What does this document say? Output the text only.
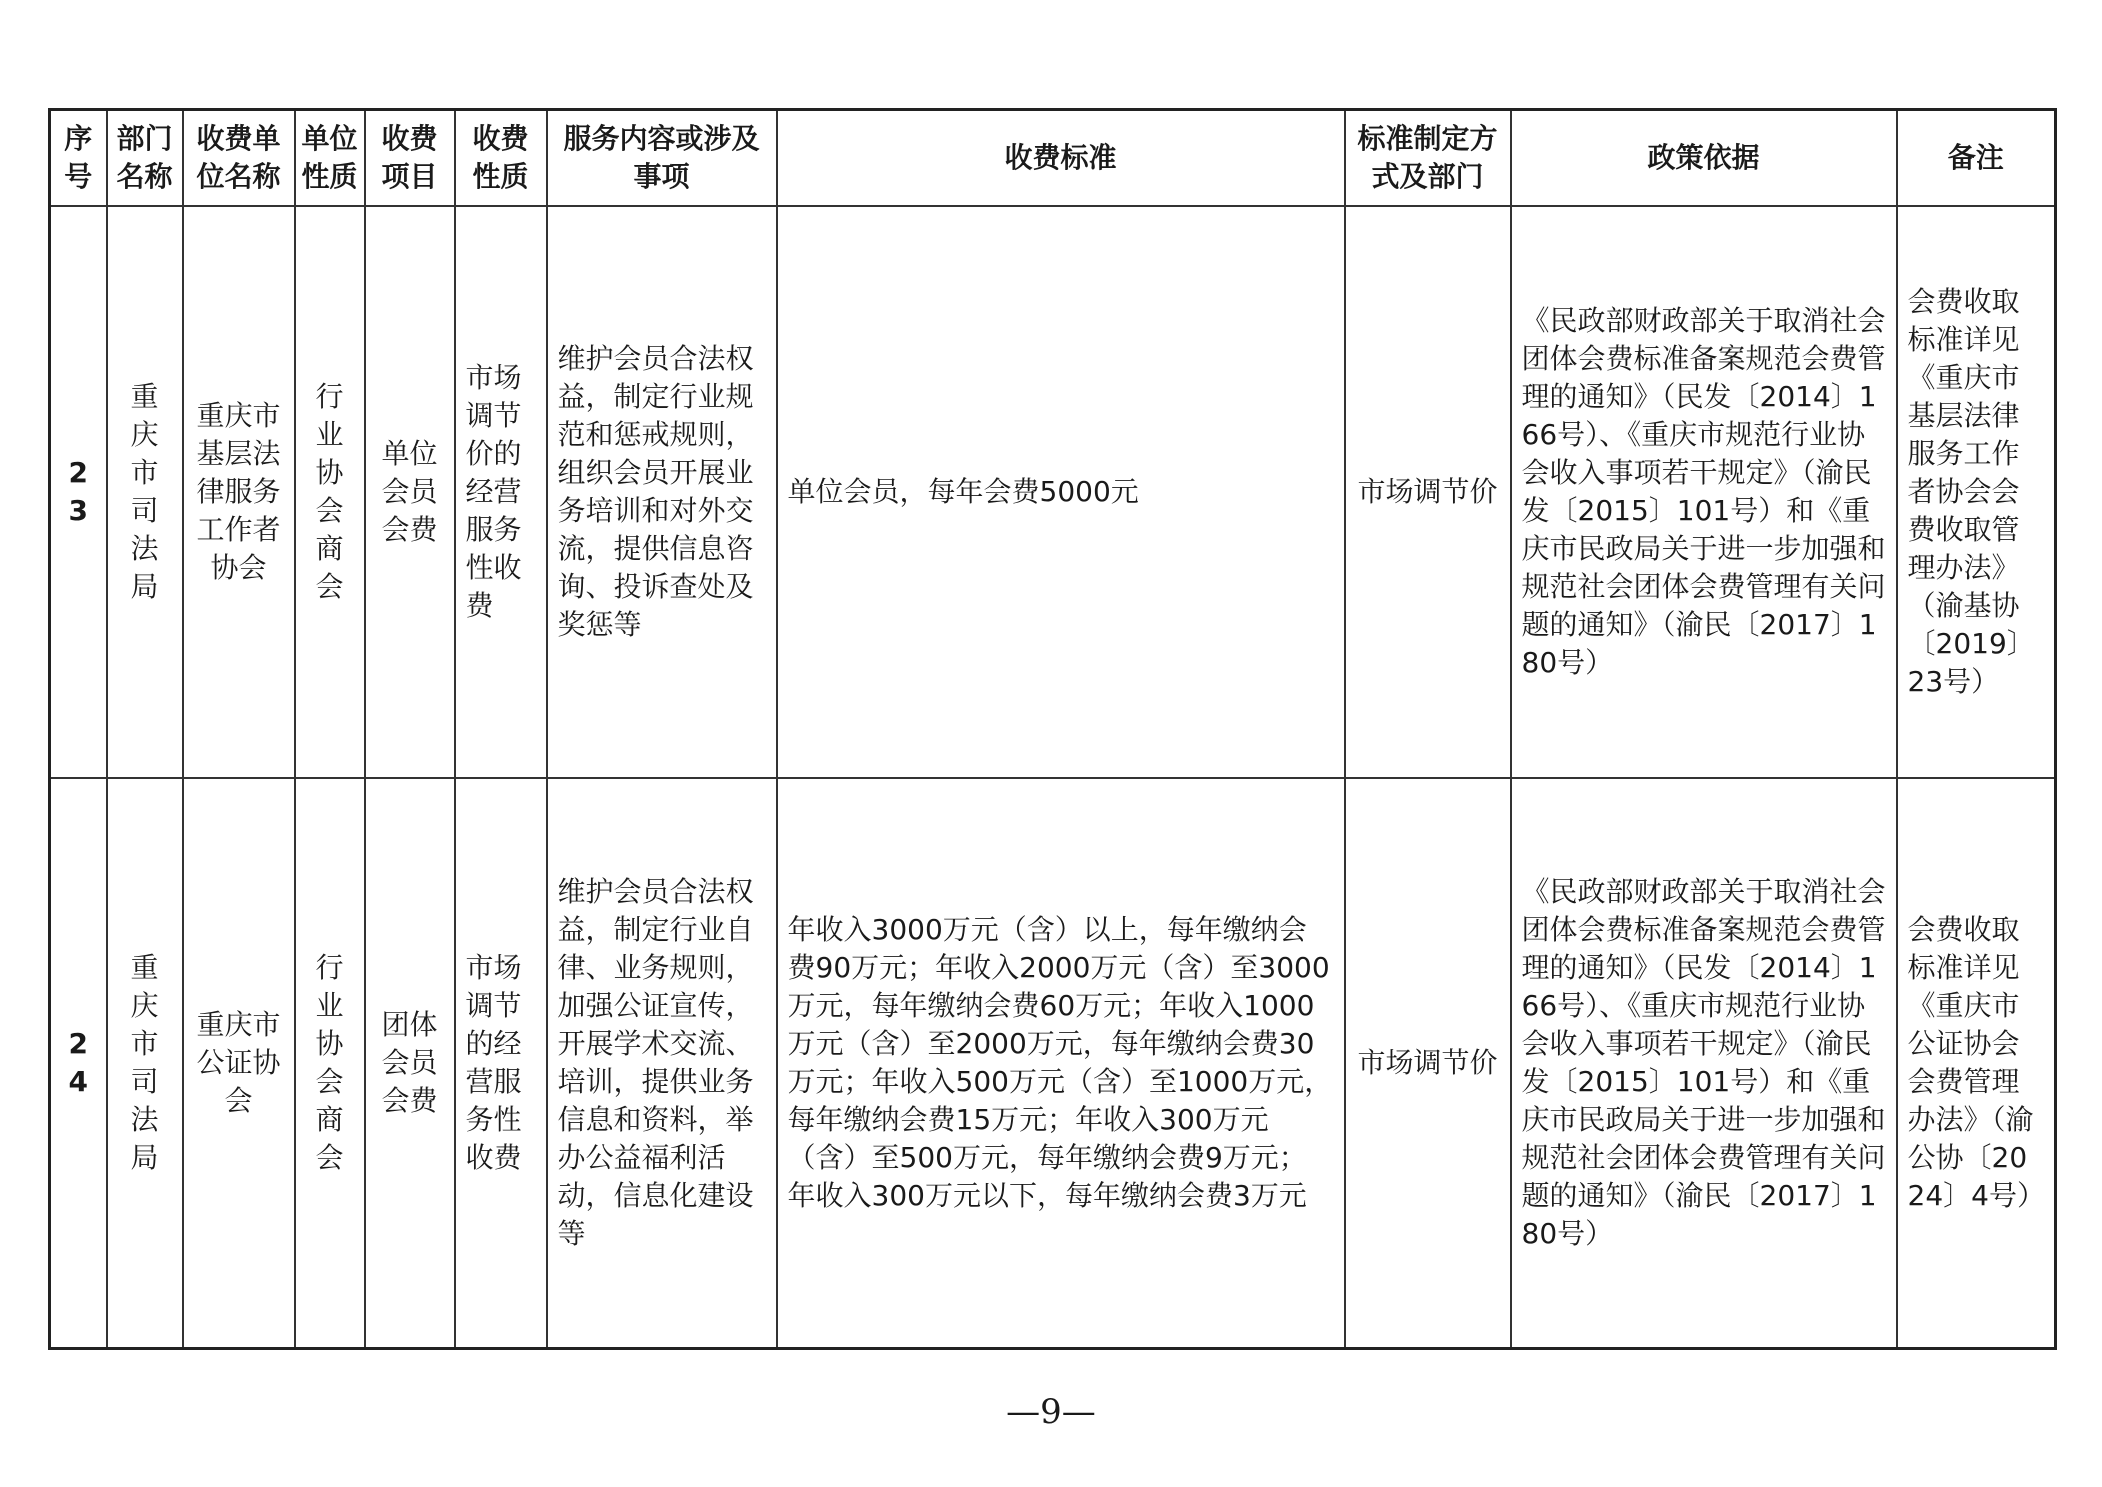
序号	部门名称	收费单位名称	单位性质	收费项目	收费性质	服务内容或涉及事项	收费标准	标准制定方式及部门	政策依据	备注
23	重庆市司法局	重庆市基层法律服务工作者协会	行业协会商会	单位会员会费	市场调节价的经营服务性收费	维护会员合法权益，制定行业规范和惩戒规则，组织会员开展业务培训和对外交流，提供信息咨询、投诉查处及奖惩等	单位会员，每年会费5000元	市场调节价	《民政部财政部关于取消社会团体会费标准备案规范会费管理的通知》（民发〔2014〕166号）、《重庆市规范行业协会收入事项若干规定》（渝民发〔2015〕101号）和《重庆市民政局关于进一步加强和规范社会团体会费管理有关问题的通知》（渝民〔2017〕180号）	会费收取标准详见《重庆市基层法律服务工作者协会会费收取管理办法》（渝基协〔2019〕23号）
24	重庆市司法局	重庆市公证协会	行业协会商会	团体会员会费	市场调节的经营服务性收费	维护会员合法权益，制定行业自律、业务规则，加强公证宣传，开展学术交流、培训，提供业务信息和资料，举办公益福利活动，信息化建设等	年收入3000万元（含）以上，每年缴纳会费90万元；年收入2000万元（含）至3000万元，每年缴纳会费60万元；年收入1000万元（含）至2000万元，每年缴纳会费30万元；年收入500万元（含）至1000万元，每年缴纳会费15万元；年收入300万元（含）至500万元，每年缴纳会费9万元；年收入300万元以下，每年缴纳会费3万元	市场调节价	《民政部财政部关于取消社会团体会费标准备案规范会费管理的通知》（民发〔2014〕166号）、《重庆市规范行业协会收入事项若干规定》（渝民发〔2015〕101号）和《重庆市民政局关于进一步加强和规范社会团体会费管理有关问题的通知》（渝民〔2017〕180号）	会费收取标准详见《重庆市公证协会会费管理办法》（渝公协〔2024〕4号）
—9—
